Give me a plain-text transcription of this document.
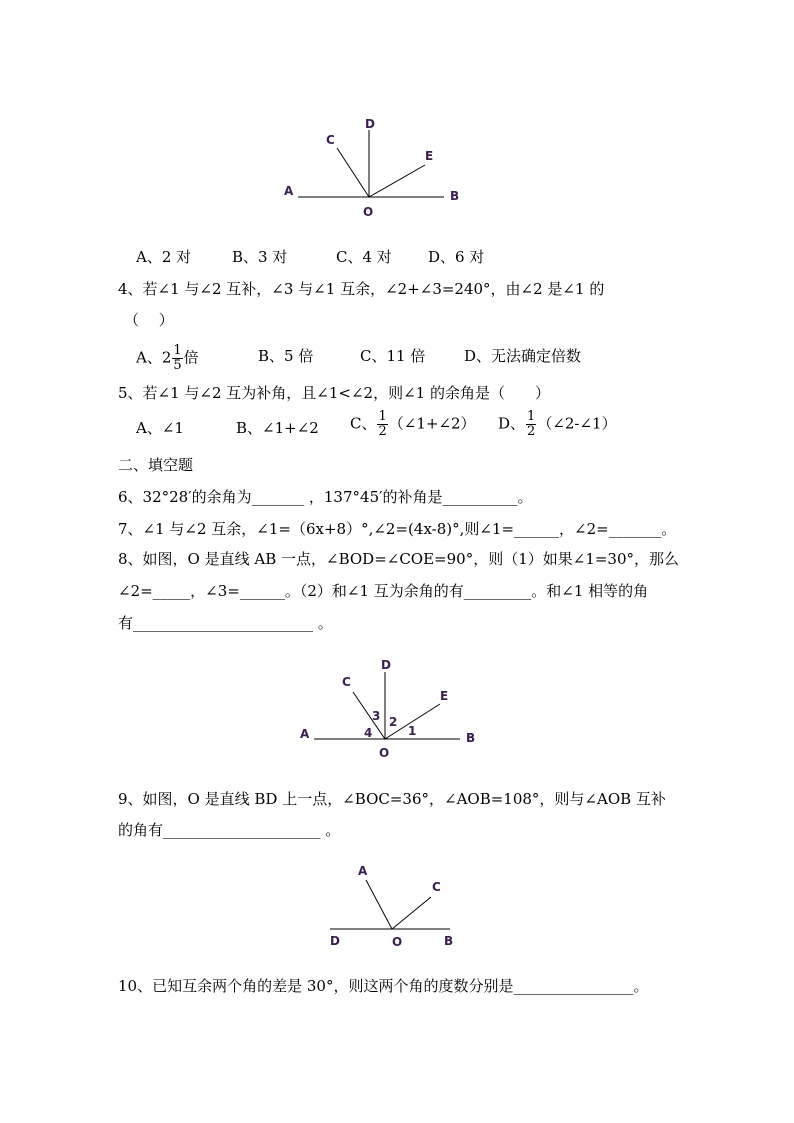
C
D
E
A	B
O
A、2 对	B、3 对	C、4 对 D、6 对
4、若∠1 与∠2 互补，∠3 与∠1 互余，∠2+∠3=240°，由∠2 是∠1 的
（　 ）
A、$2 \frac{1}{5}$ 倍	B、5 倍	C、11 倍	D、无法确定倍数
5、若∠1 与∠2 互为补角，且∠1<∠2，则∠1 的余角是（　　）
A、∠1	B、∠1+∠2 C、 $\frac{1}{2}$ （∠1+∠2） D、 $\frac{1}{2}$ （∠2-∠1）
二、填空题
6、32°28′的余角为_______ ，137°45′的补角是__________。
7、∠1 与∠2 互余，∠1=（6x+8）°,∠2=(4x-8)°,则∠1=______，∠2=_______。
8、如图，O 是直线 AB 一点，∠BOD=∠COE=90°，则（1）如果∠1=30°，那么
∠2=_____，∠3=______。（2）和∠1 互为余角的有_________。和∠1 相等的角
有________________________ 。
C
D
E
A	B
O
3 2
4	1
9、如图，O 是直线 BD 上一点，∠BOC=36°，∠AOB=108°，则与∠AOB 互补
的角有_____________________ 。
A
C
D	O	B
10、已知互余两个角的差是 30°，则这两个角的度数分别是________________。
